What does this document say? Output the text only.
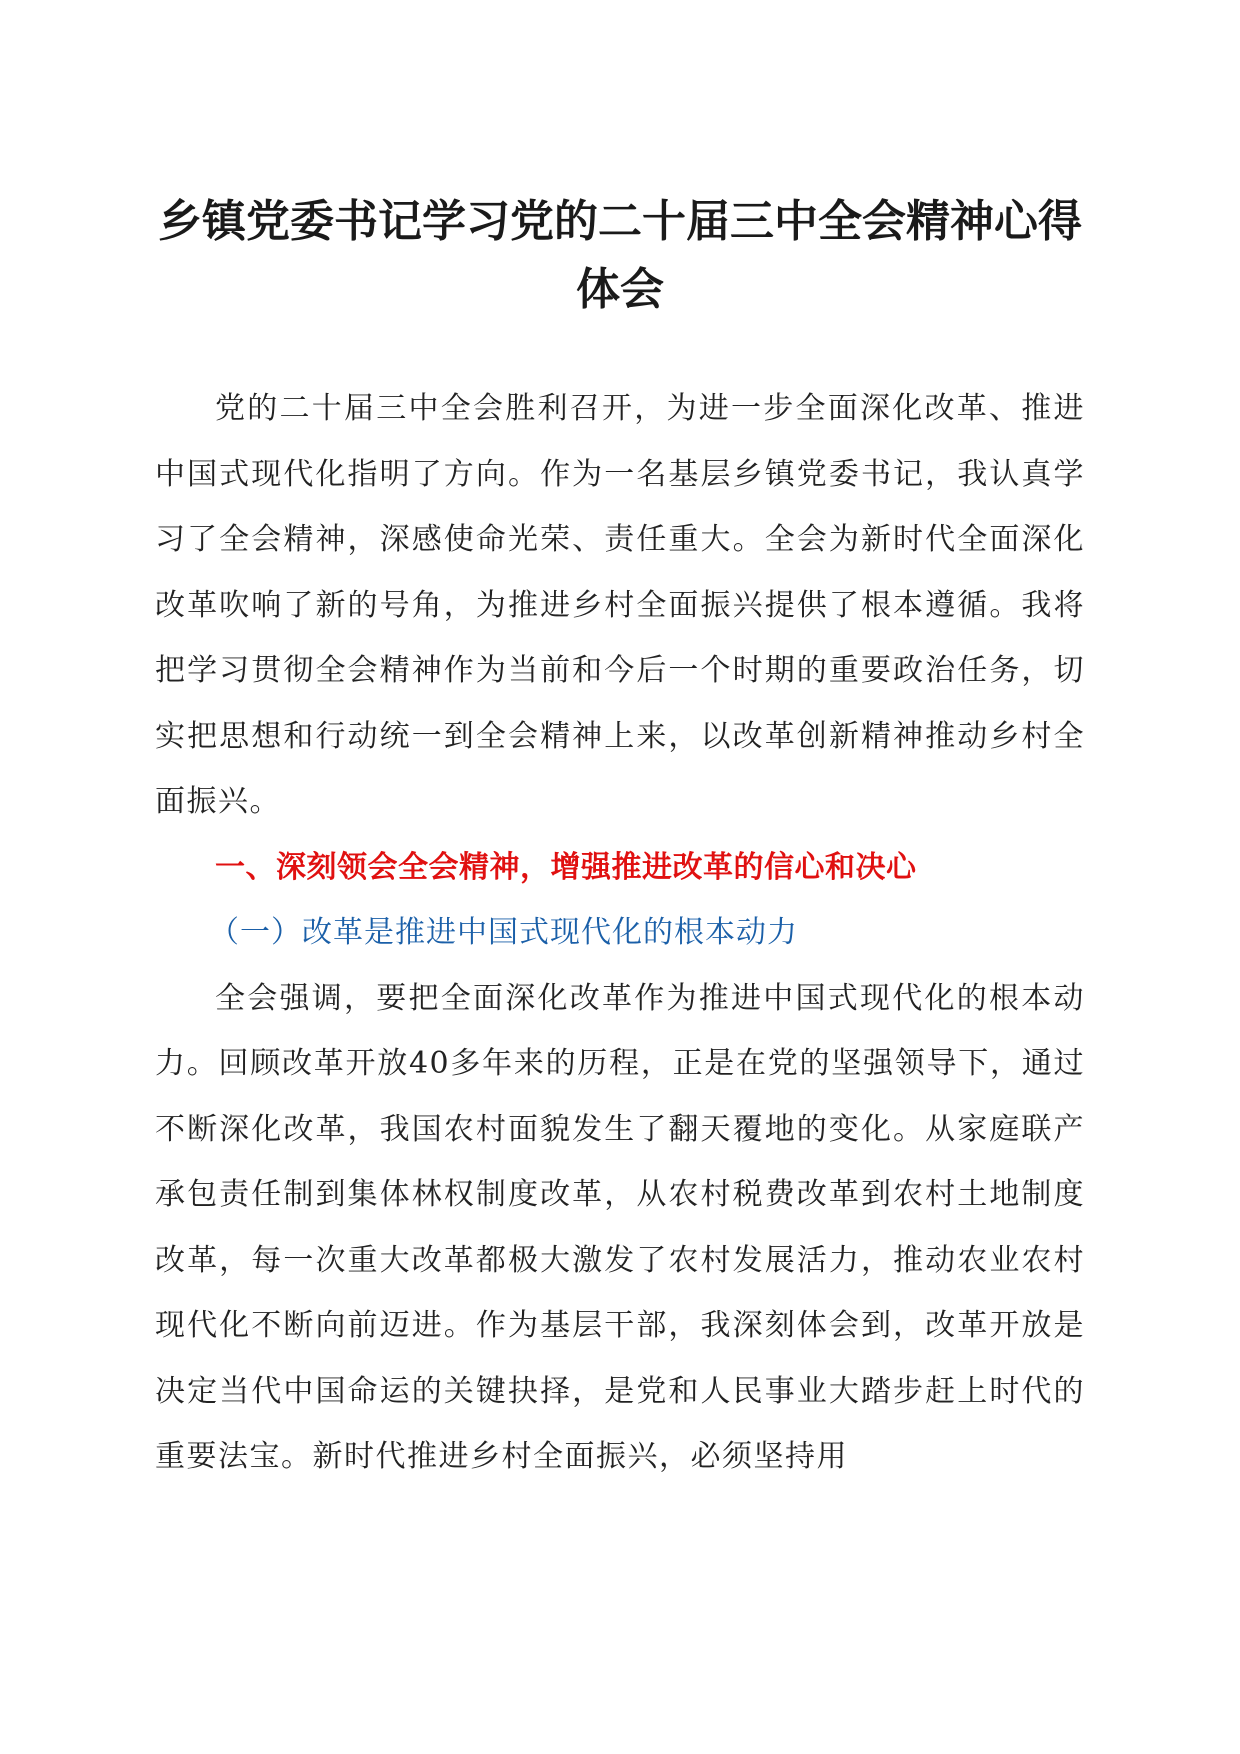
乡镇党委书记学习党的二十届三中全会精神心得体会

党的二十届三中全会胜利召开，为进一步全面深化改革、推进中国式现代化指明了方向。作为一名基层乡镇党委书记，我认真学习了全会精神，深感使命光荣、责任重大。全会为新时代全面深化改革吹响了新的号角，为推进乡村全面振兴提供了根本遵循。我将把学习贯彻全会精神作为当前和今后一个时期的重要政治任务，切实把思想和行动统一到全会精神上来，以改革创新精神推动乡村全面振兴。

一、深刻领会全会精神，增强推进改革的信心和决心

（一）改革是推进中国式现代化的根本动力

全会强调，要把全面深化改革作为推进中国式现代化的根本动力。回顾改革开放40多年来的历程，正是在党的坚强领导下，通过不断深化改革，我国农村面貌发生了翻天覆地的变化。从家庭联产承包责任制到集体林权制度改革，从农村税费改革到农村土地制度改革，每一次重大改革都极大激发了农村发展活力，推动农业农村现代化不断向前迈进。作为基层干部，我深刻体会到，改革开放是决定当代中国命运的关键抉择，是党和人民事业大踏步赶上时代的重要法宝。新时代推进乡村全面振兴，必须坚持用
